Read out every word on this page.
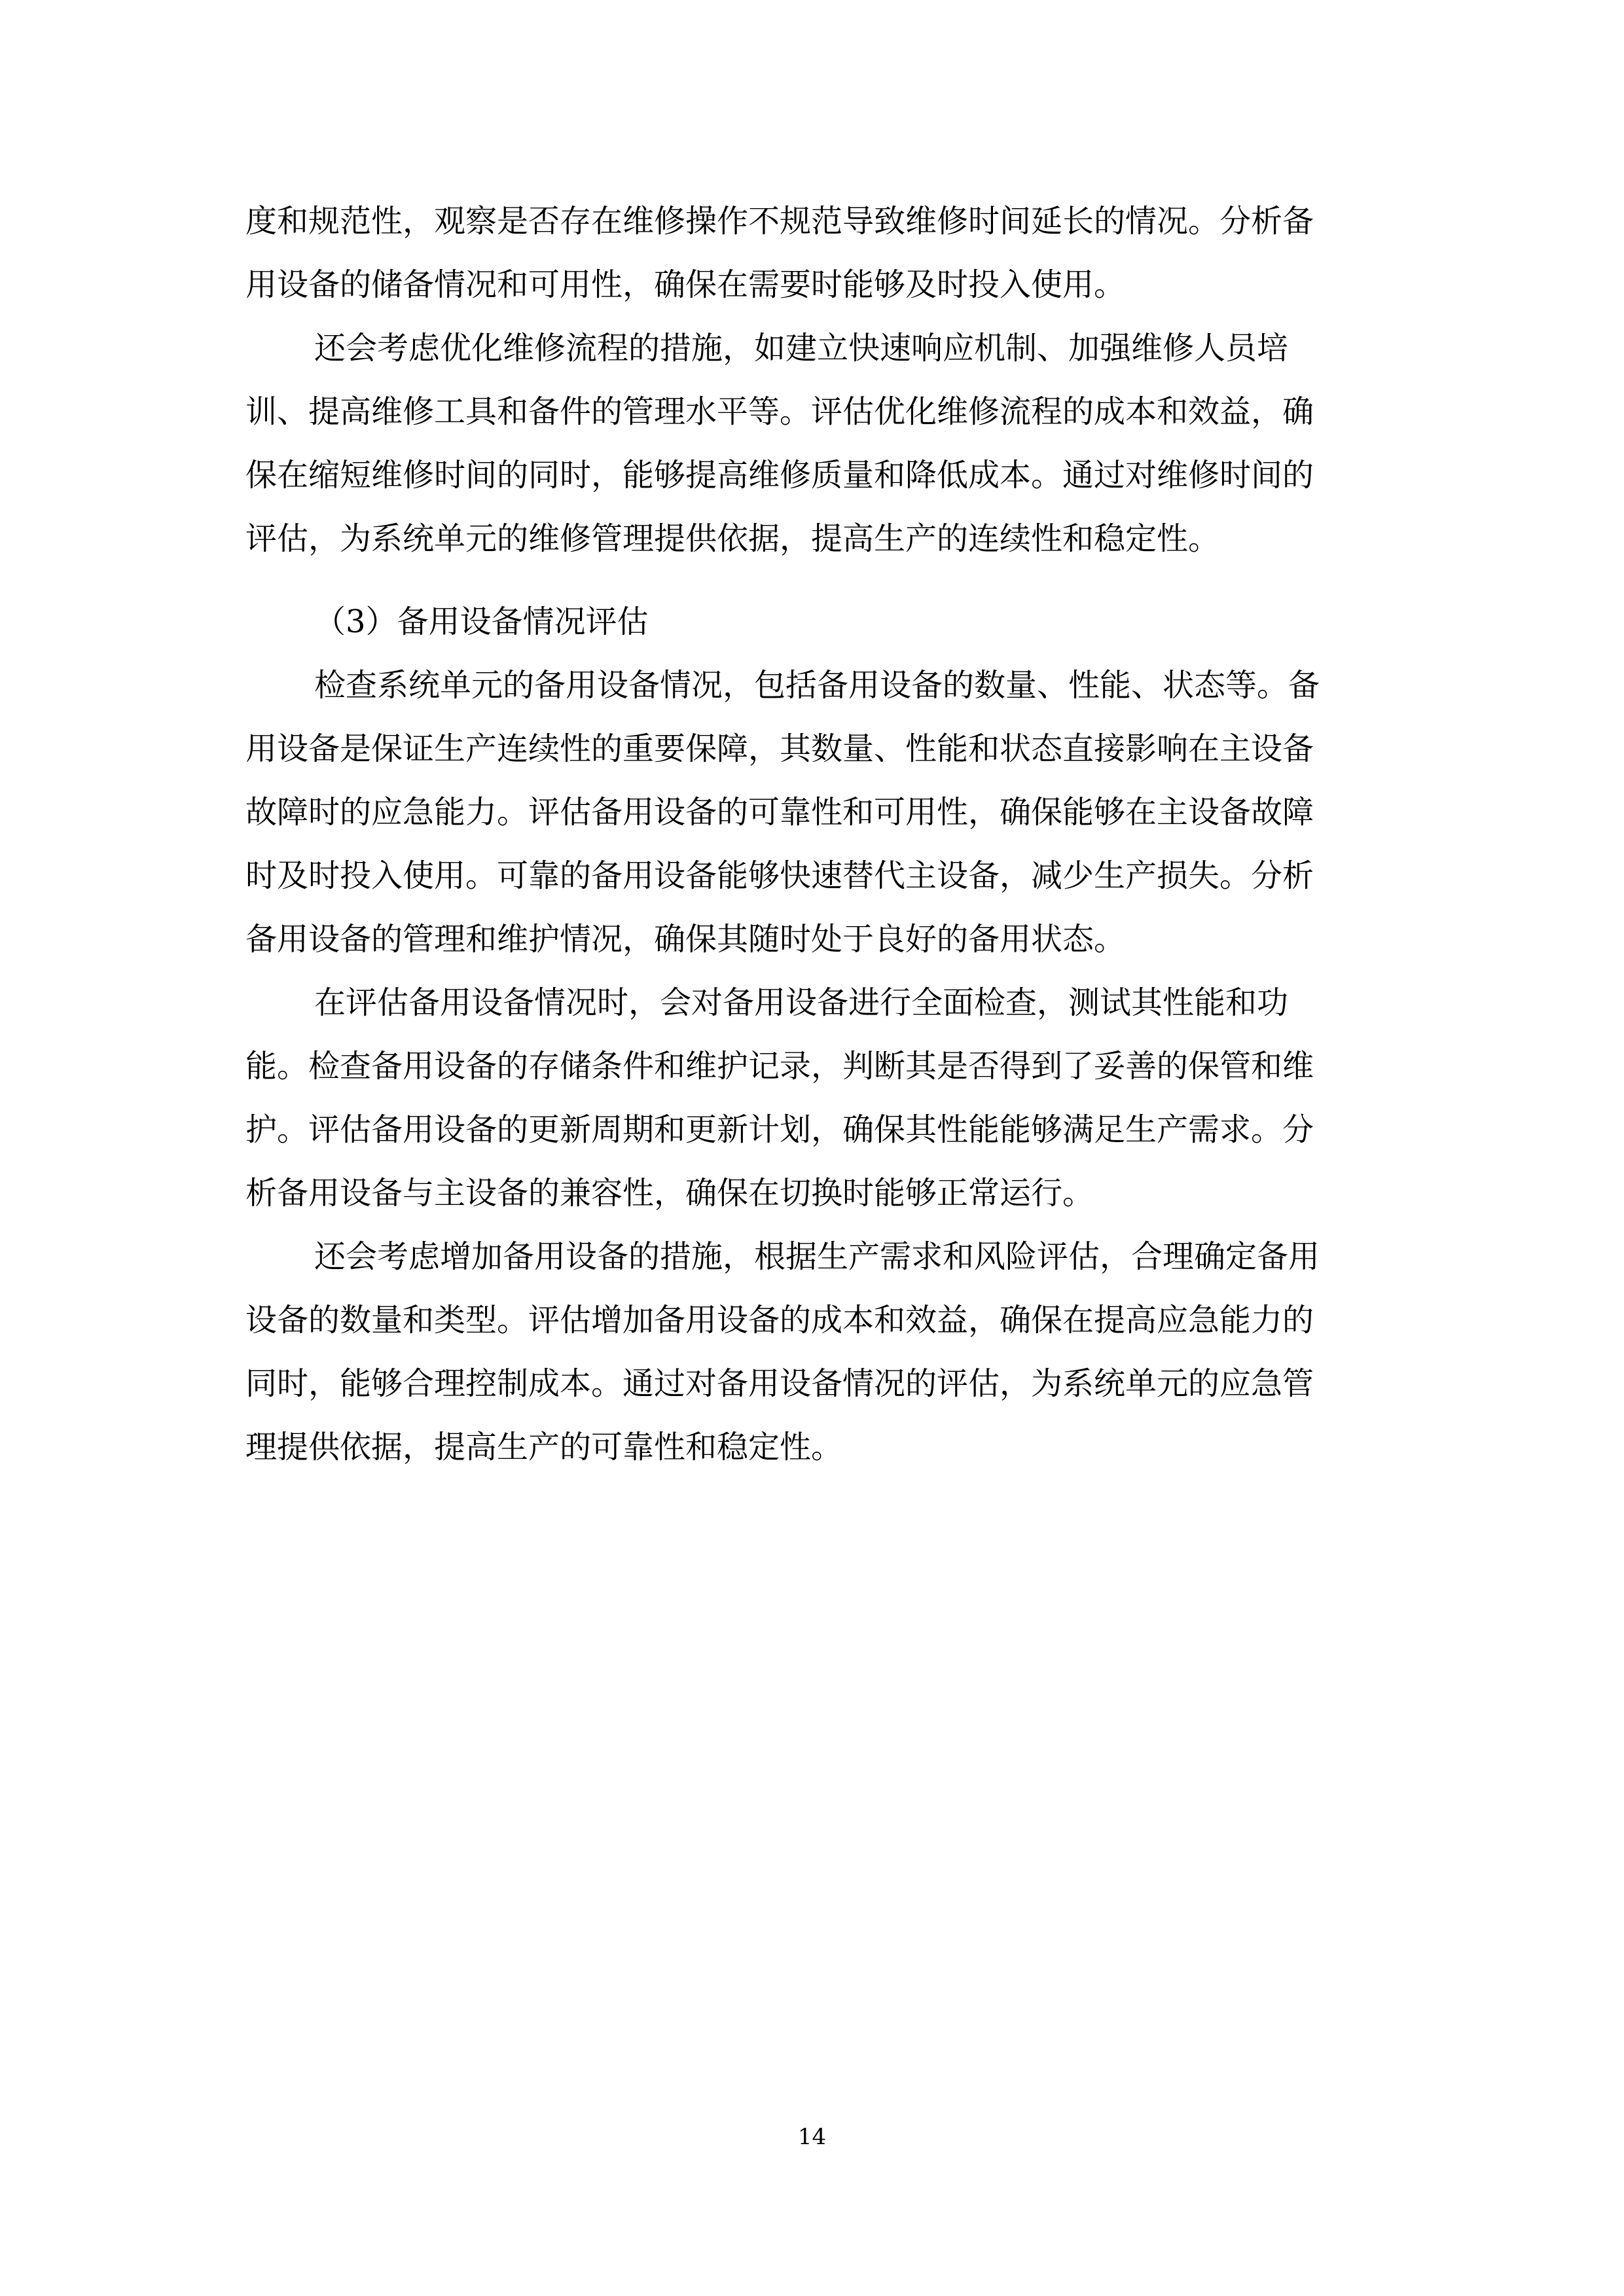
度和规范性，观察是否存在维修操作不规范导致维修时间延长的情况。分析备
用设备的储备情况和可用性，确保在需要时能够及时投入使用。
还会考虑优化维修流程的措施，如建立快速响应机制、加强维修人员培
训、提高维修工具和备件的管理水平等。评估优化维修流程的成本和效益，确
保在缩短维修时间的同时，能够提高维修质量和降低成本。通过对维修时间的
评估，为系统单元的维修管理提供依据，提高生产的连续性和稳定性。
（3）备用设备情况评估
检查系统单元的备用设备情况，包括备用设备的数量、性能、状态等。备
用设备是保证生产连续性的重要保障，其数量、性能和状态直接影响在主设备
故障时的应急能力。评估备用设备的可靠性和可用性，确保能够在主设备故障
时及时投入使用。可靠的备用设备能够快速替代主设备，减少生产损失。分析
备用设备的管理和维护情况，确保其随时处于良好的备用状态。
在评估备用设备情况时，会对备用设备进行全面检查，测试其性能和功
能。检查备用设备的存储条件和维护记录，判断其是否得到了妥善的保管和维
护。评估备用设备的更新周期和更新计划，确保其性能能够满足生产需求。分
析备用设备与主设备的兼容性，确保在切换时能够正常运行。
还会考虑增加备用设备的措施，根据生产需求和风险评估，合理确定备用
设备的数量和类型。评估增加备用设备的成本和效益，确保在提高应急能力的
同时，能够合理控制成本。通过对备用设备情况的评估，为系统单元的应急管
理提供依据，提高生产的可靠性和稳定性。
14
